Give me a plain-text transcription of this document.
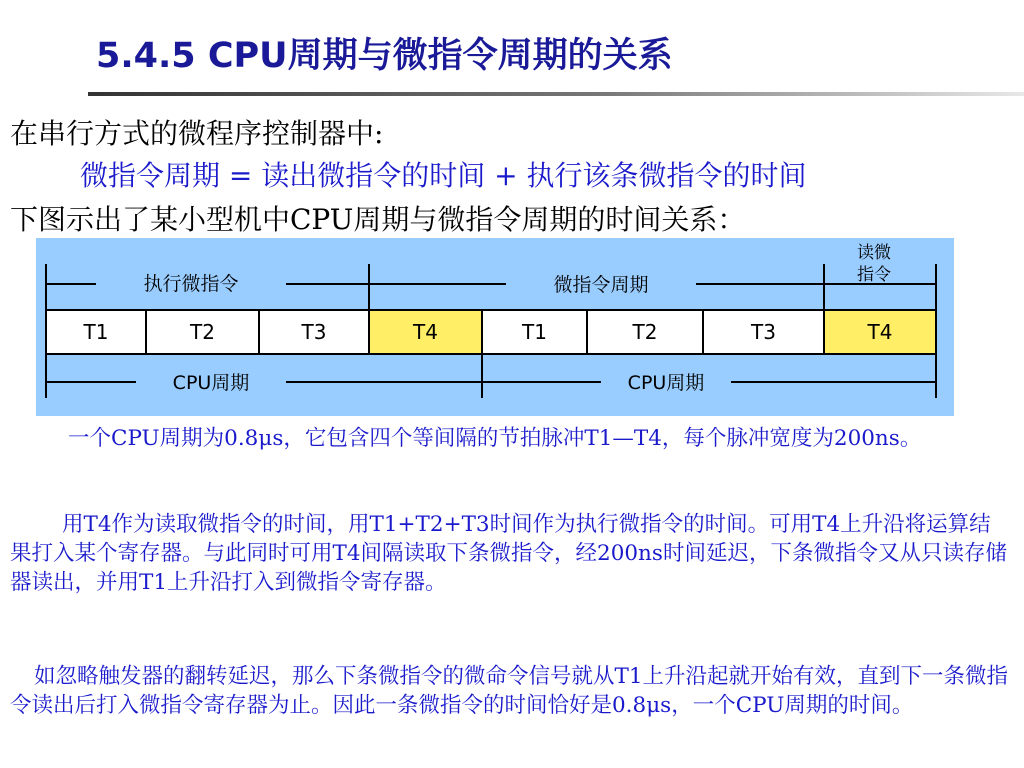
5.4.5 CPU周期与微指令周期的关系
在串行方式的微程序控制器中:
微指令周期 = 读出微指令的时间 + 执行该条微指令的时间
下图示出了某小型机中CPU周期与微指令周期的时间关系：
T1	T2	T3	T4	T1	T2	T3	T4
执行微指令	微指令周期
读微
指令
CPU周期	CPU周期

一个CPU周期为0.8μs，它包含四个等间隔的节拍脉冲T1—T4，每个脉冲宽度为200ns。

用T4作为读取微指令的时间，用T1+T2+T3时间作为执行微指令的时间。可用T4上升沿将运算结果打入某个寄存器。与此同时可用T4间隔读取下条微指令，经200ns时间延迟，下条微指令又从只读存储器读出，并用T1上升沿打入到微指令寄存器。

如忽略触发器的翻转延迟，那么下条微指令的微命令信号就从T1上升沿起就开始有效，直到下一条微指令读出后打入微指令寄存器为止。因此一条微指令的时间恰好是0.8μs，一个CPU周期的时间。
